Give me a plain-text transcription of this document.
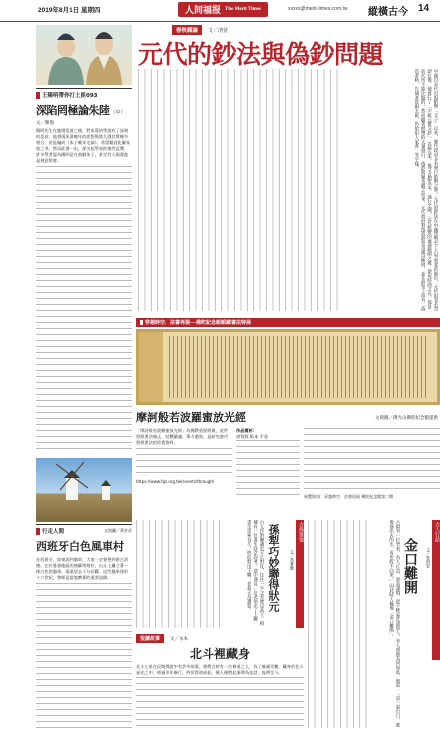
2019年8月1日 星期四	人间福报 The Merit Times	xxxxx@merit-times.com.tw 縱橫古今 14
王陽明帶你打土匪093
深陷罔極論朱陸 （中）
文／陳復
陽明先生在龍場悟道之後，對朱熹的學說有了深刻的反省。他發現朱熹晚年的思想與陸九淵其實頗多相合，於是編成《朱子晚年定論》，希望藉此化解朱陸之爭。然而此書一出，卻引起學界的強烈反彈，許多學者認為陽明是在曲解朱子，甚至有人指責他是刻意附會。
行走人間	文與圖／黃芳祥
西班牙白色風車村
在西班牙，如果說到風車，大家一定會想到唐吉訶德。在拉曼查地區的康蘇埃格拉，山丘上矗立著一排白色的風車，遠遠望去十分壯觀。這些風車建於十六世紀，曾經是當地磨麥的重要設備。
春秋雜論	文／清萱
元代的鈔法與偽鈔問題
中國自宋代出現紙幣「交子」以來，歷代政府多有發行紙幣之舉。元代的鈔法在中國貨幣史上占有重要的地位，元世祖忽必烈即位後，便發行了「中統元寶交鈔」，以絲為本，後又以銀為本，通行全國。元代紙幣的流通範圍之廣、使用時間之長，都是前代所不能比擬的。然而隨著紙幣的大量發行，偽鈔問題也隨之而來。元代政府對偽造鈔票者處以極刑，並在鈔票上印有「偽造者斬，告捕者賞銀五錠，仍給犯人家產」等字樣。
穿越時空．法書再現──佛陀紀念館館藏書法特展
摩訶般若波羅蜜放光經	文與圖／佛光山佛陀紀念館提供
「摩訶般若波羅蜜放光經」為佛教重要經典，此件寫經書法端正，結體嚴謹，筆力遒勁，是研究唐代寫經書法的珍貴資料。
https://www.fgs.org.tw/events/through/
作品賞析：
唐寫經 紙本 手卷
展覽資訊：穿越時空．法書再現 佛陀紀念館第二館
古典雜憶
文／黃雅勤
孫犁巧妙聯得狀元
古人作對聯講究平仄對仗，往往一字之差便見高下。相傳有一位書生赴京趕考，途中遇見一位老翁出了上聯，書生思索良久，終於對出下聯，老翁大為讚賞。	古人行誼
文／曾昭安
金口難開
古時有一位學者，為人正直，說話謹慎，從不輕易許諾別人。有人問他為何如此，他說：「話一說出口，就像潑出去的水，再也收不回來。」因此時人稱他「金口難開」。
悅讀故事	文／永本
北斗裡藏身
北斗七星在民間傳說中有許多故事。相傳古時有一位修道之人，為了躲避災難，藏身於北斗星光之中，經過多年修行，終於得道成仙，後人便將此事傳為佳話，流傳至今。
